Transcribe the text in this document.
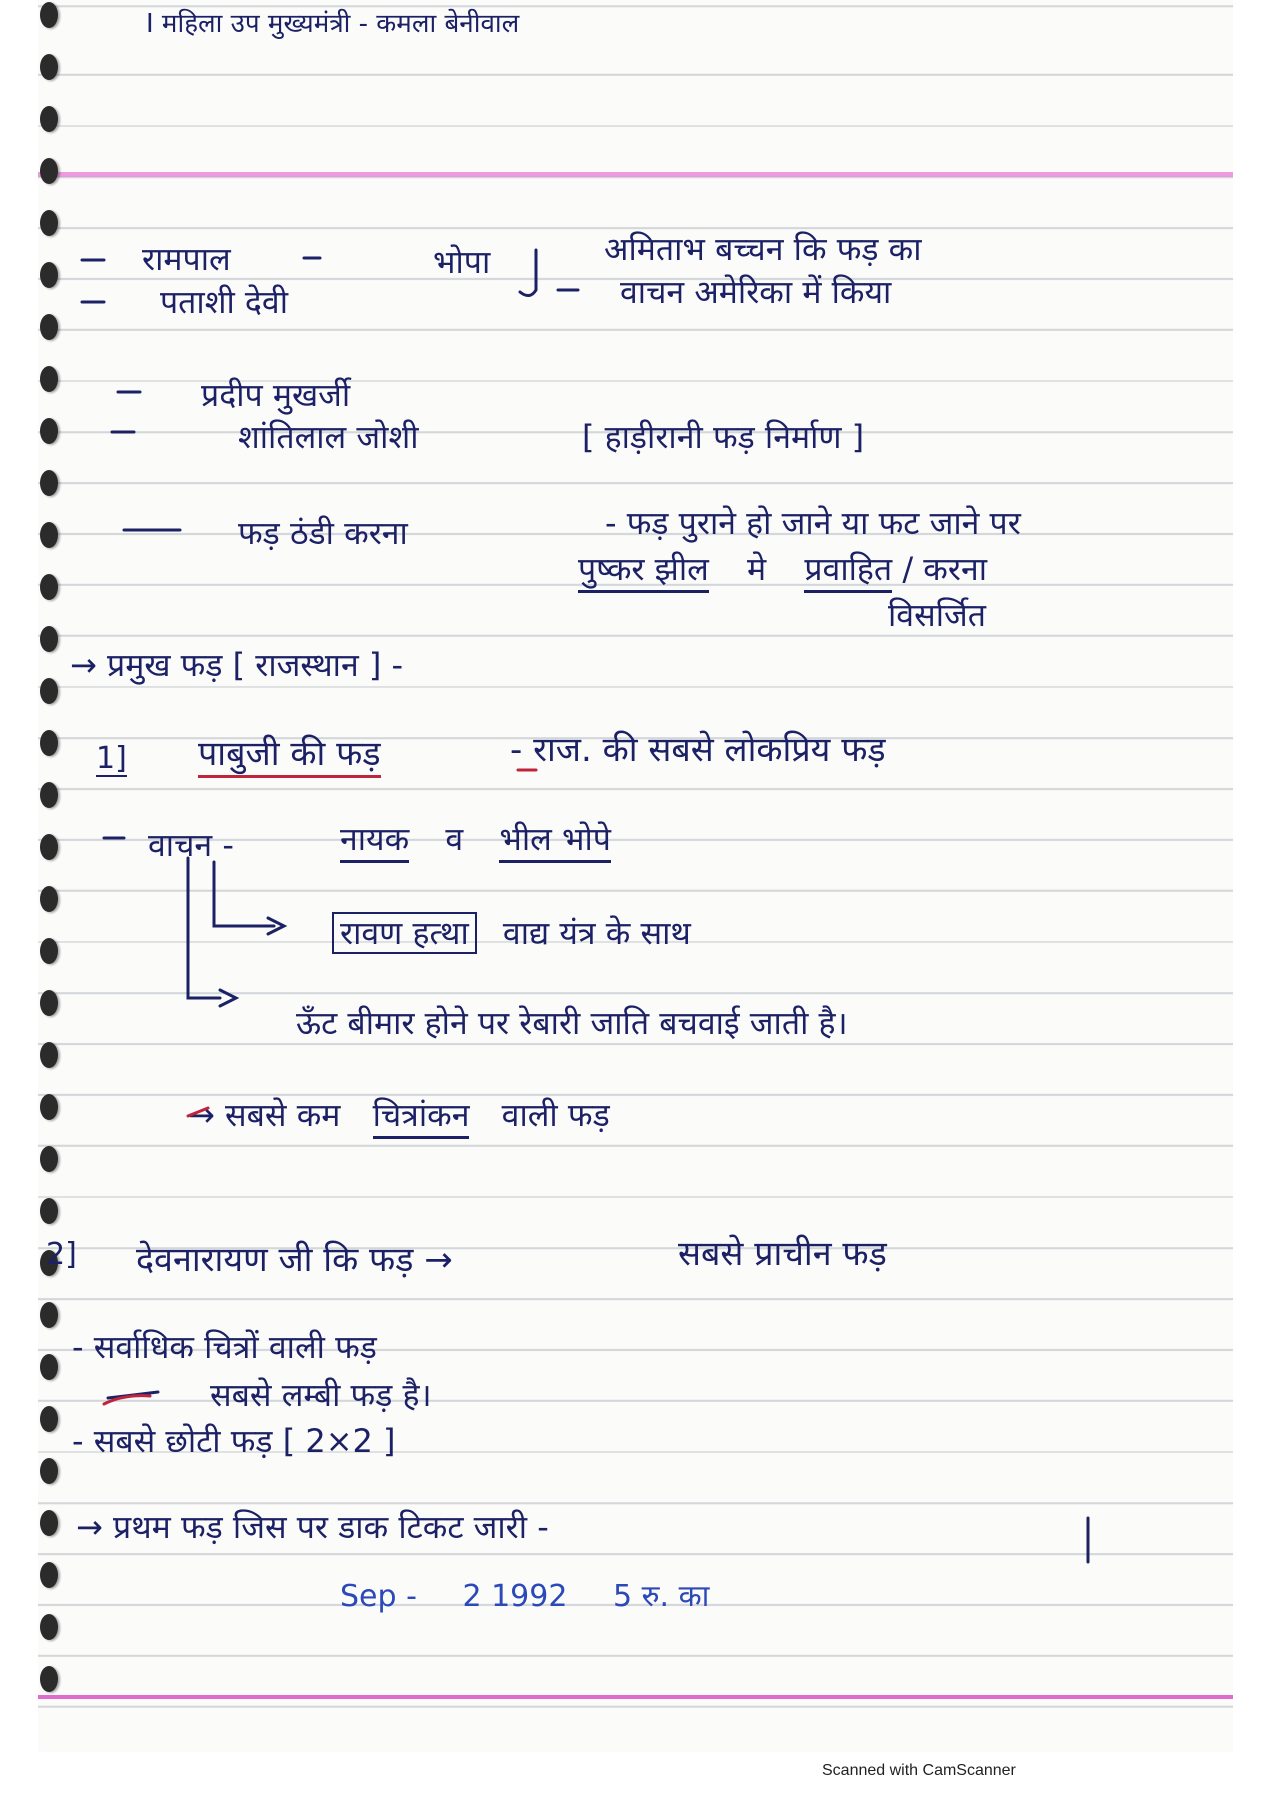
I महिला उप मुख्यमंत्री - कमला बेनीवाल
रामपाल
पताशी देवी
भोपा	अमिताभ बच्चन कि फड़ का
वाचन अमेरिका में किया
प्रदीप मुखर्जी
शांतिलाल जोशी	[ हाड़ीरानी फड़ निर्माण ]
फड़ ठंडी करना	- फड़ पुराने हो जाने या फट जाने पर
पुष्कर झील मे प्रवाहित / करना
विसर्जित
→ प्रमुख फड़ [ राजस्थान ] -
1] पाबुजी की फड़	- राज. की सबसे लोकप्रिय फड़
वाचन -	नायक व भील भोपे
रावण हत्था वाद्य यंत्र के साथ
ऊँट बीमार होने पर रेबारी जाति बचवाई जाती है।
→ सबसे कम चित्रांकन वाली फड़
2] देवनारायण जी कि फड़ →	सबसे प्राचीन फड़
- सर्वाधिक चित्रों वाली फड़
सबसे लम्बी फड़ है।
- सबसे छोटी फड़ [ 2×2 ]
→ प्रथम फड़ जिस पर डाक टिकट जारी -
Sep - 2 1992 5 रु. का
Scanned with CamScanner
